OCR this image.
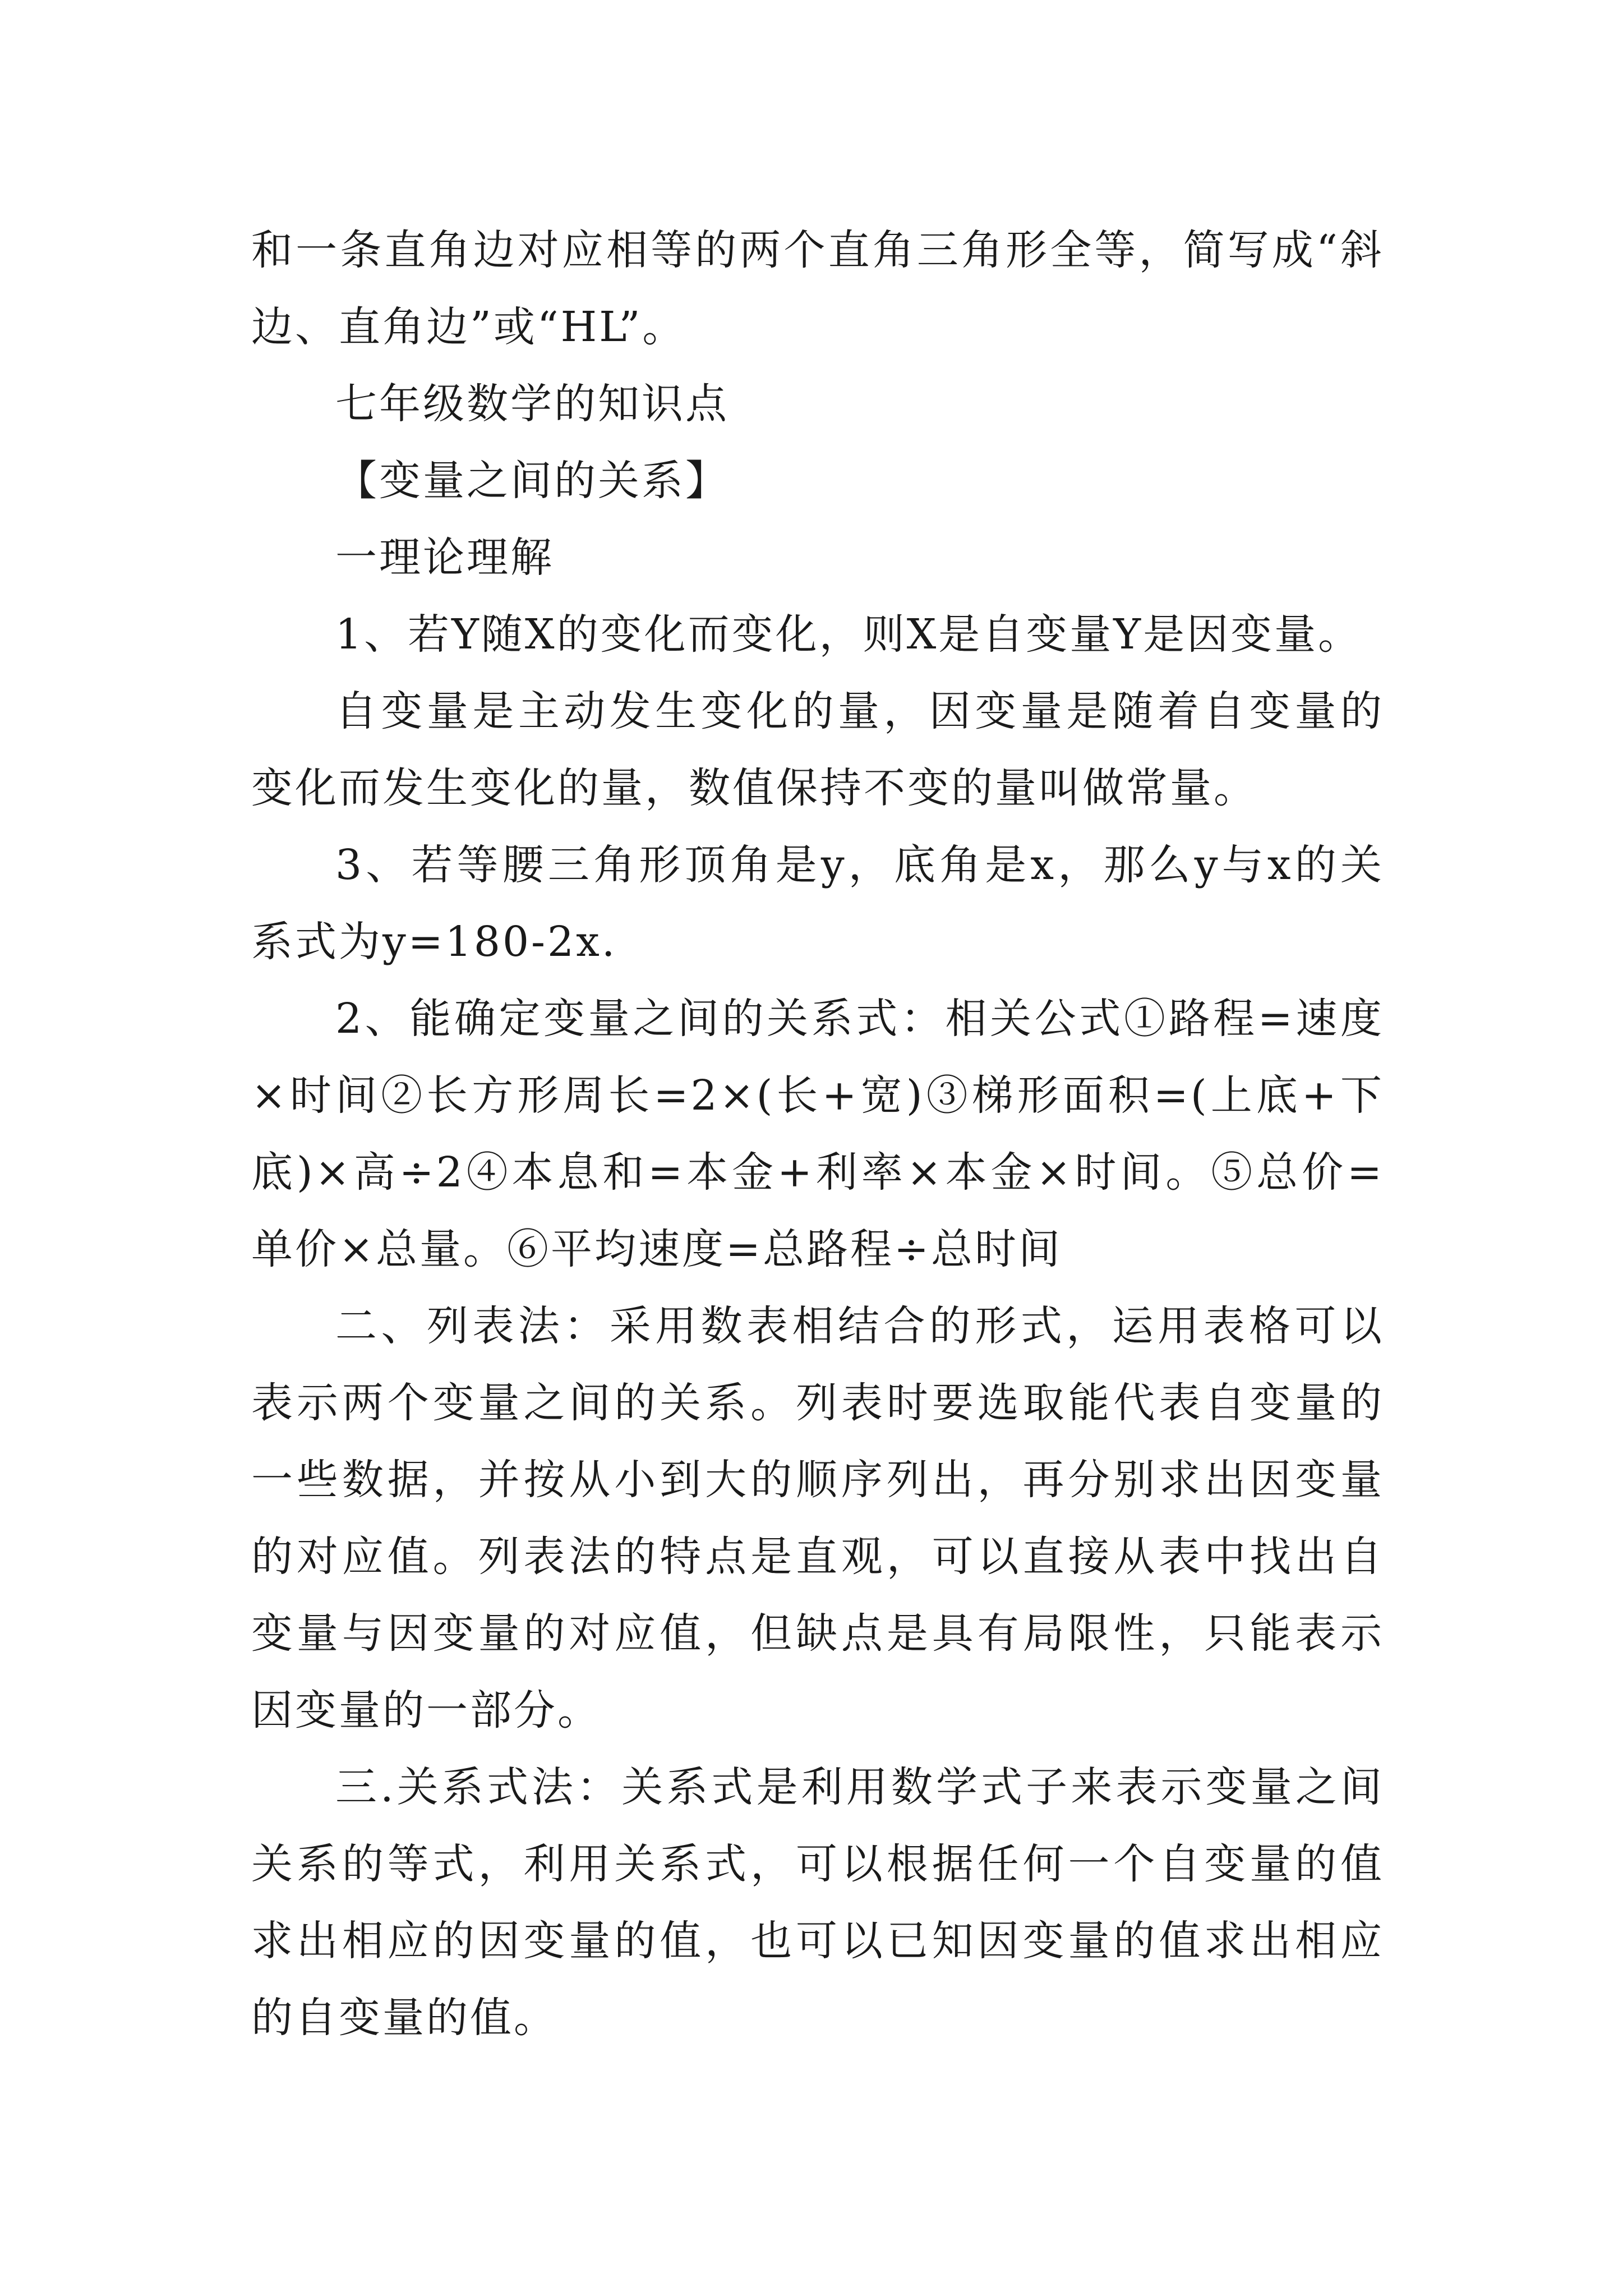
和一条直角边对应相等的两个直角三角形全等，简写成“斜边、直角边”或“HL”。

七年级数学的知识点

【变量之间的关系】

一理论理解

1、若Y随X的变化而变化，则X是自变量Y是因变量。

自变量是主动发生变化的量，因变量是随着自变量的变化而发生变化的量，数值保持不变的量叫做常量。

3、若等腰三角形顶角是y，底角是x，那么y与x的关系式为y=180-2x.

2、能确定变量之间的关系式：相关公式①路程=速度×时间②长方形周长=2×(长+宽)③梯形面积=(上底+下底)×高÷2④本息和=本金+利率×本金×时间。⑤总价=单价×总量。⑥平均速度=总路程÷总时间

二、列表法：采用数表相结合的形式，运用表格可以表示两个变量之间的关系。列表时要选取能代表自变量的一些数据，并按从小到大的顺序列出，再分别求出因变量的对应值。列表法的特点是直观，可以直接从表中找出自变量与因变量的对应值，但缺点是具有局限性，只能表示因变量的一部分。

三.关系式法：关系式是利用数学式子来表示变量之间关系的等式，利用关系式，可以根据任何一个自变量的值求出相应的因变量的值，也可以已知因变量的值求出相应的自变量的值。
